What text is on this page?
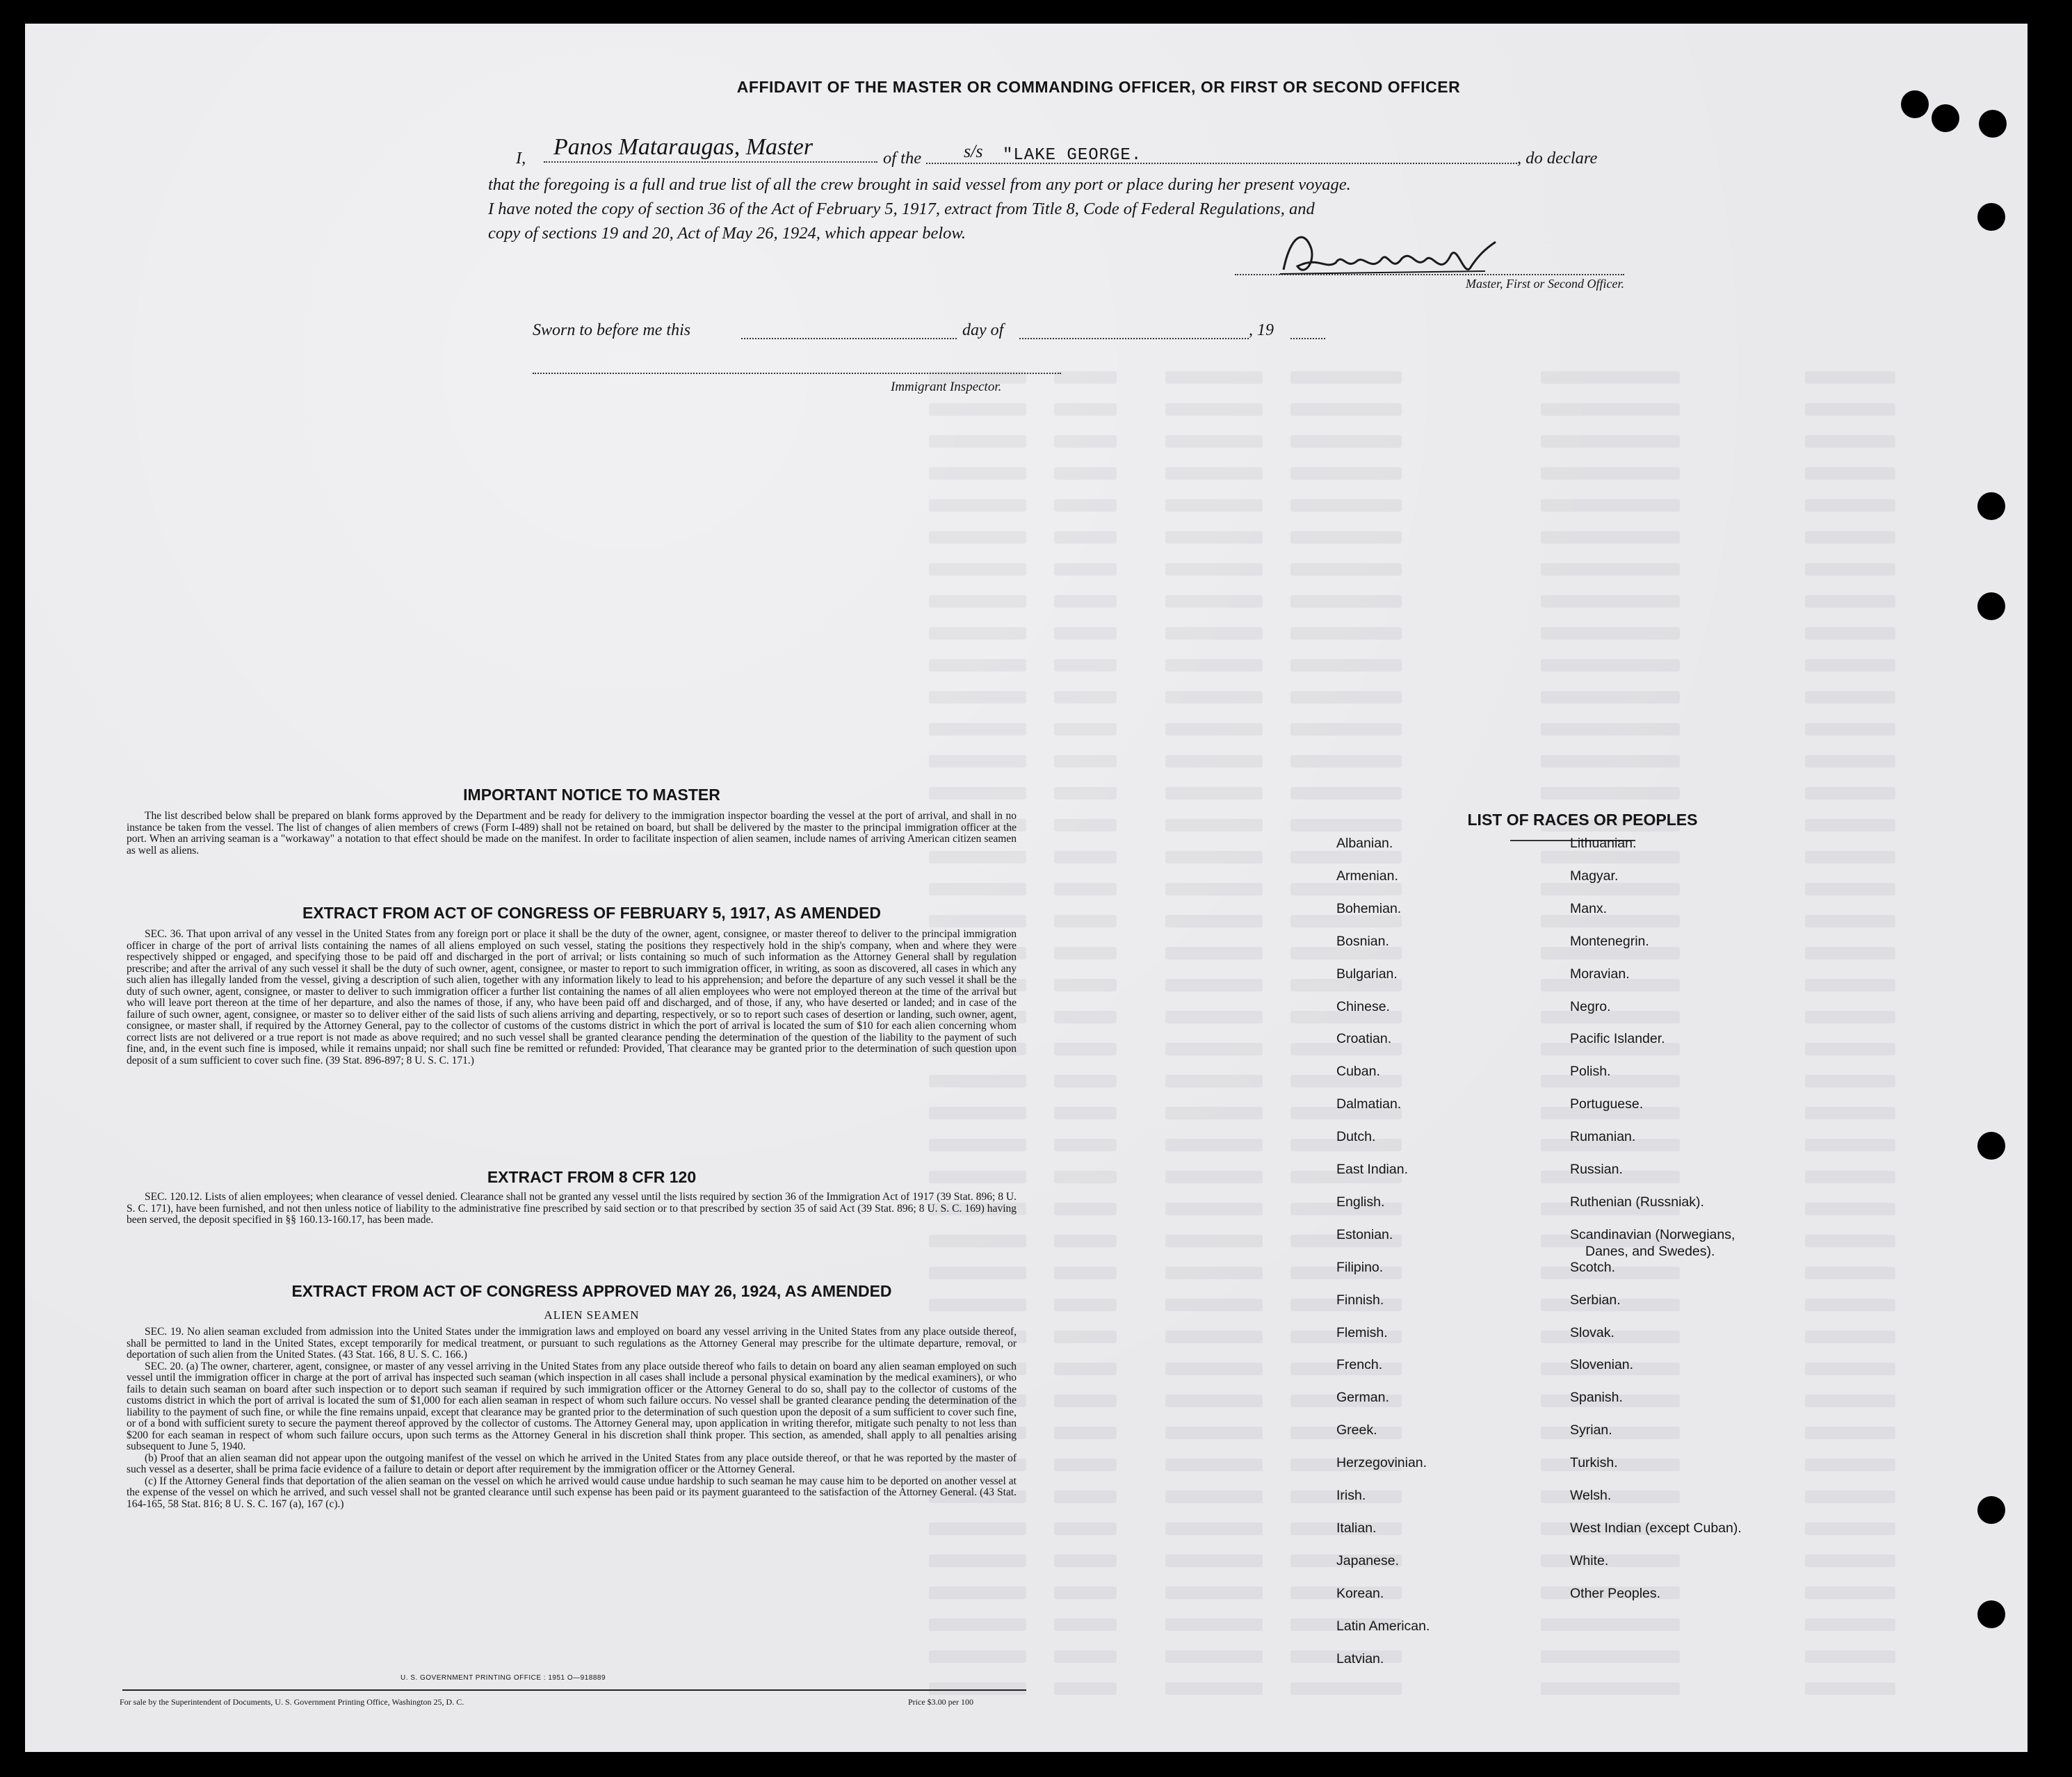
AFFIDAVIT OF THE MASTER OR COMMANDING OFFICER, OR FIRST OR SECOND OFFICER
I, Panos Mataraugas, Master	of the s/s "LAKE GEORGE.	, do declare
that the foregoing is a full and true list of all the crew brought in said vessel from any port or place during her present voyage.
I have noted the copy of section 36 of the Act of February 5, 1917, extract from Title 8, Code of Federal Regulations, and
copy of sections 19 and 20, Act of May 26, 1924, which appear below.
Master, First or Second Officer.
Sworn to before me this	day of	, 19
Immigrant Inspector.
IMPORTANT NOTICE TO MASTER

The list described below shall be prepared on blank forms approved by the Department and be ready for delivery to the immigration inspector boarding the vessel at the port of arrival, and shall in no instance be taken from the vessel. The list of changes of alien members of crews (Form I-489) shall not be retained on board, but shall be delivered by the master to the principal immigration officer at the port. When an arriving seaman is a "workaway" a notation to that effect should be made on the manifest. In order to facilitate inspection of alien seamen, include names of arriving American citizen seamen as well as aliens.

EXTRACT FROM ACT OF CONGRESS OF FEBRUARY 5, 1917, AS AMENDED

SEC. 36. That upon arrival of any vessel in the United States from any foreign port or place it shall be the duty of the owner, agent, consignee, or master thereof to deliver to the principal immigration officer in charge of the port of arrival lists containing the names of all aliens employed on such vessel, stating the positions they respectively hold in the ship's company, when and where they were respectively shipped or engaged, and specifying those to be paid off and discharged in the port of arrival; or lists containing so much of such information as the Attorney General shall by regulation prescribe; and after the arrival of any such vessel it shall be the duty of such owner, agent, consignee, or master to report to such immigration officer, in writing, as soon as discovered, all cases in which any such alien has illegally landed from the vessel, giving a description of such alien, together with any information likely to lead to his apprehension; and before the departure of any such vessel it shall be the duty of such owner, agent, consignee, or master to deliver to such immigration officer a further list containing the names of all alien employees who were not employed thereon at the time of the arrival but who will leave port thereon at the time of her departure, and also the names of those, if any, who have been paid off and discharged, and of those, if any, who have deserted or landed; and in case of the failure of such owner, agent, consignee, or master so to deliver either of the said lists of such aliens arriving and departing, respectively, or so to report such cases of desertion or landing, such owner, agent, consignee, or master shall, if required by the Attorney General, pay to the collector of customs of the customs district in which the port of arrival is located the sum of $10 for each alien concerning whom correct lists are not delivered or a true report is not made as above required; and no such vessel shall be granted clearance pending the determination of the question of the liability to the payment of such fine, and, in the event such fine is imposed, while it remains unpaid; nor shall such fine be remitted or refunded: Provided, That clearance may be granted prior to the determination of such question upon deposit of a sum sufficient to cover such fine. (39 Stat. 896-897; 8 U. S. C. 171.)

EXTRACT FROM 8 CFR 120

SEC. 120.12. Lists of alien employees; when clearance of vessel denied. Clearance shall not be granted any vessel until the lists required by section 36 of the Immigration Act of 1917 (39 Stat. 896; 8 U. S. C. 171), have been furnished, and not then unless notice of liability to the administrative fine prescribed by said section or to that prescribed by section 35 of said Act (39 Stat. 896; 8 U. S. C. 169) having been served, the deposit specified in §§ 160.13-160.17, has been made.

EXTRACT FROM ACT OF CONGRESS APPROVED MAY 26, 1924, AS AMENDED
ALIEN SEAMEN

SEC. 19. No alien seaman excluded from admission into the United States under the immigration laws and employed on board any vessel arriving in the United States from any place outside thereof, shall be permitted to land in the United States, except temporarily for medical treatment, or pursuant to such regulations as the Attorney General may prescribe for the ultimate departure, removal, or deportation of such alien from the United States. (43 Stat. 166, 8 U. S. C. 166.)

SEC. 20. (a) The owner, charterer, agent, consignee, or master of any vessel arriving in the United States from any place outside thereof who fails to detain on board any alien seaman employed on such vessel until the immigration officer in charge at the port of arrival has inspected such seaman (which inspection in all cases shall include a personal physical examination by the medical examiners), or who fails to detain such seaman on board after such inspection or to deport such seaman if required by such immigration officer or the Attorney General to do so, shall pay to the collector of customs of the customs district in which the port of arrival is located the sum of $1,000 for each alien seaman in respect of whom such failure occurs. No vessel shall be granted clearance pending the determination of the liability to the payment of such fine, or while the fine remains unpaid, except that clearance may be granted prior to the determination of such question upon the deposit of a sum sufficient to cover such fine, or of a bond with sufficient surety to secure the payment thereof approved by the collector of customs. The Attorney General may, upon application in writing therefor, mitigate such penalty to not less than $200 for each seaman in respect of whom such failure occurs, upon such terms as the Attorney General in his discretion shall think proper. This section, as amended, shall apply to all penalties arising subsequent to June 5, 1940.

(b) Proof that an alien seaman did not appear upon the outgoing manifest of the vessel on which he arrived in the United States from any place outside thereof, or that he was reported by the master of such vessel as a deserter, shall be prima facie evidence of a failure to detain or deport after requirement by the immigration officer or the Attorney General.

(c) If the Attorney General finds that deportation of the alien seaman on the vessel on which he arrived would cause undue hardship to such seaman he may cause him to be deported on another vessel at the expense of the vessel on which he arrived, and such vessel shall not be granted clearance until such expense has been paid or its payment guaranteed to the satisfaction of the Attorney General. (43 Stat. 164-165, 58 Stat. 816; 8 U. S. C. 167 (a), 167 (c).)

U. S. GOVERNMENT PRINTING OFFICE : 1951 O—918889
For sale by the Superintendent of Documents, U. S. Government Printing Office, Washington 25, D. C.	Price $3.00 per 100
LIST OF RACES OR PEOPLES
Albanian.
Armenian.
Bohemian.
Bosnian.
Bulgarian.
Chinese.
Croatian.
Cuban.
Dalmatian.
Dutch.
East Indian.
English.
Estonian.
Filipino.
Finnish.
Flemish.
French.
German.
Greek.
Herzegovinian.
Irish.
Italian.
Japanese.
Korean.
Latin American.
Latvian.
Lithuanian.
Magyar.
Manx.
Montenegrin.
Moravian.
Negro.
Pacific Islander.
Polish.
Portuguese.
Rumanian.
Russian.
Ruthenian (Russniak).
Scandinavian (Norwegians,
Danes, and Swedes).
Scotch.
Serbian.
Slovak.
Slovenian.
Spanish.
Syrian.
Turkish.
Welsh.
West Indian (except Cuban).
White.
Other Peoples.
